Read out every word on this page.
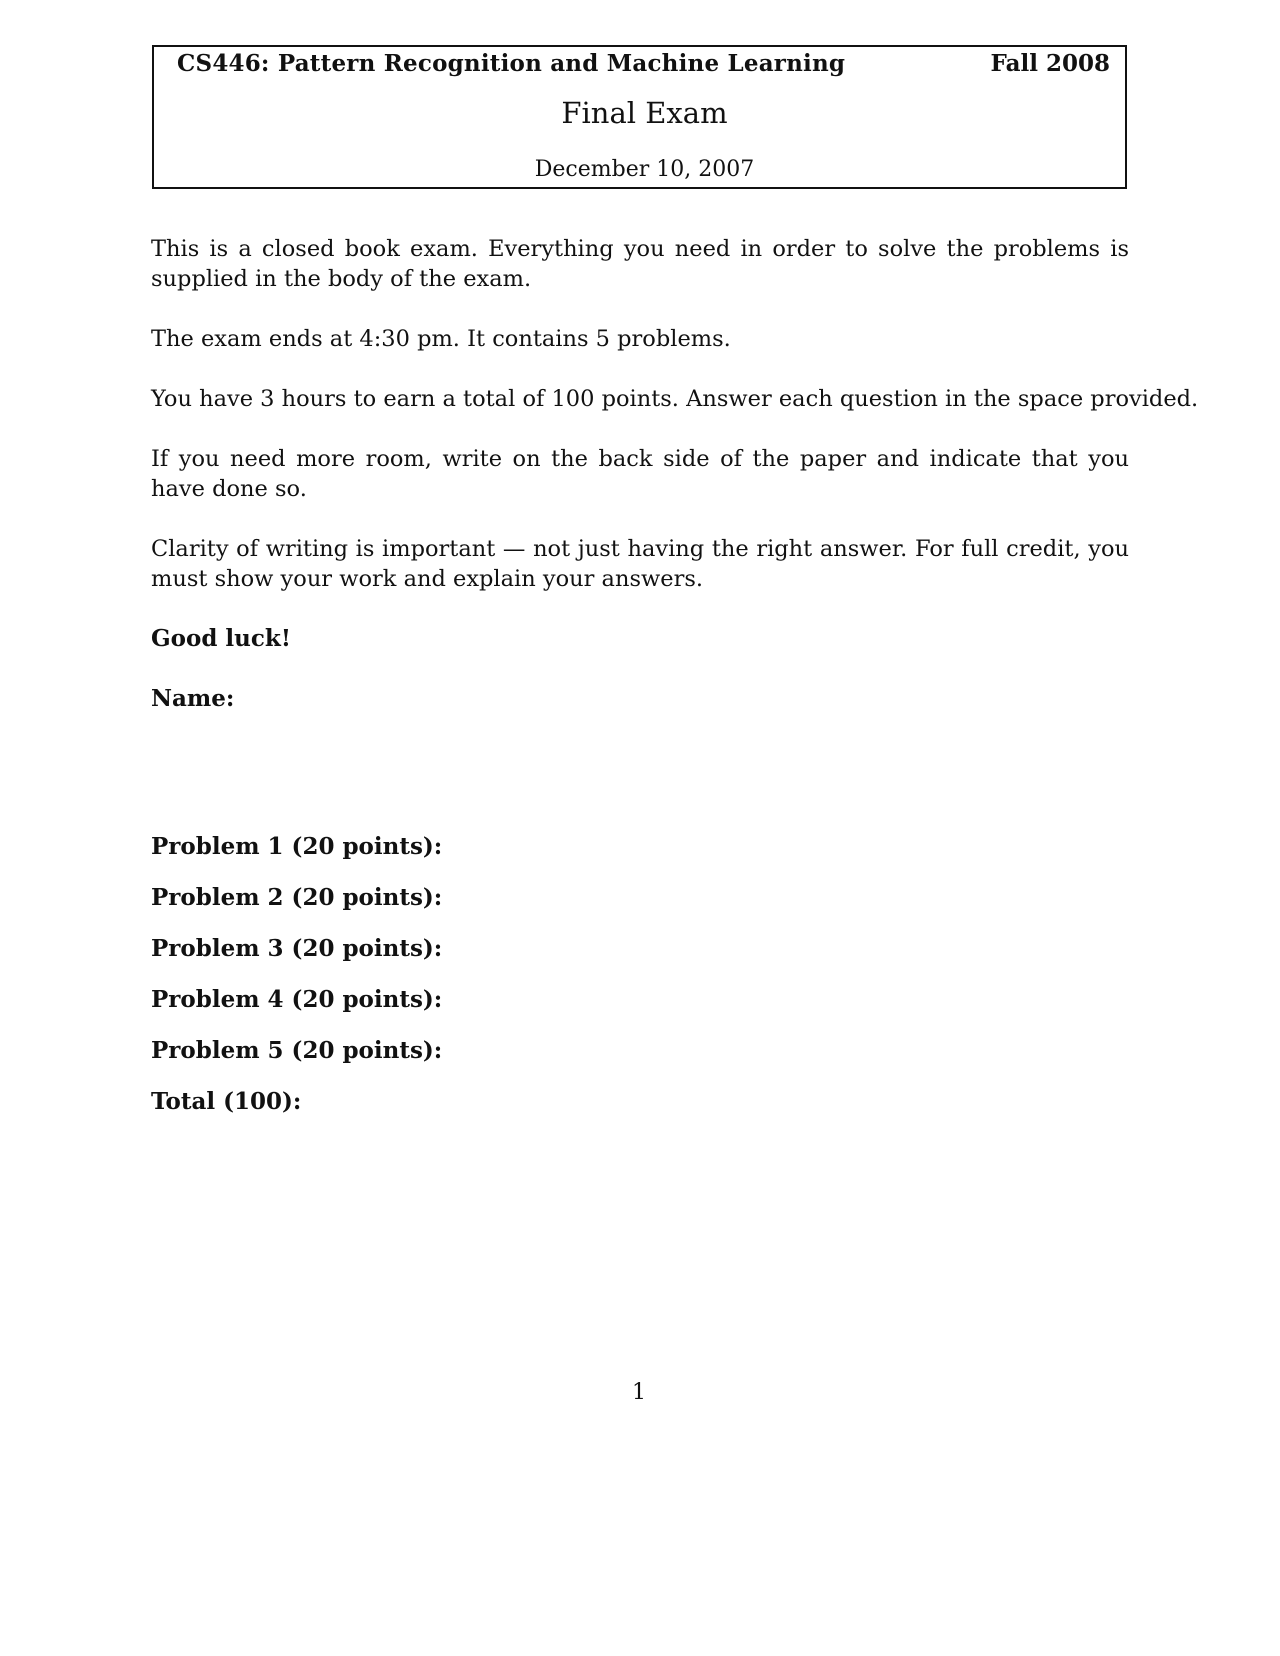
CS446: Pattern Recognition and Machine Learning	Fall 2008
Final Exam
December 10, 2007

This is a closed book exam. Everything you need in order to solve the problems is supplied in the body of the exam.

The exam ends at 4:30 pm. It contains 5 problems.

You have 3 hours to earn a total of 100 points. Answer each question in the space provided.

If you need more room, write on the back side of the paper and indicate that you have done so.

Clarity of writing is important — not just having the right answer. For full credit, you must show your work and explain your answers.

Good luck!

Name:

Problem 1 (20 points):
Problem 2 (20 points):
Problem 3 (20 points):
Problem 4 (20 points):
Problem 5 (20 points):
Total (100):
1
